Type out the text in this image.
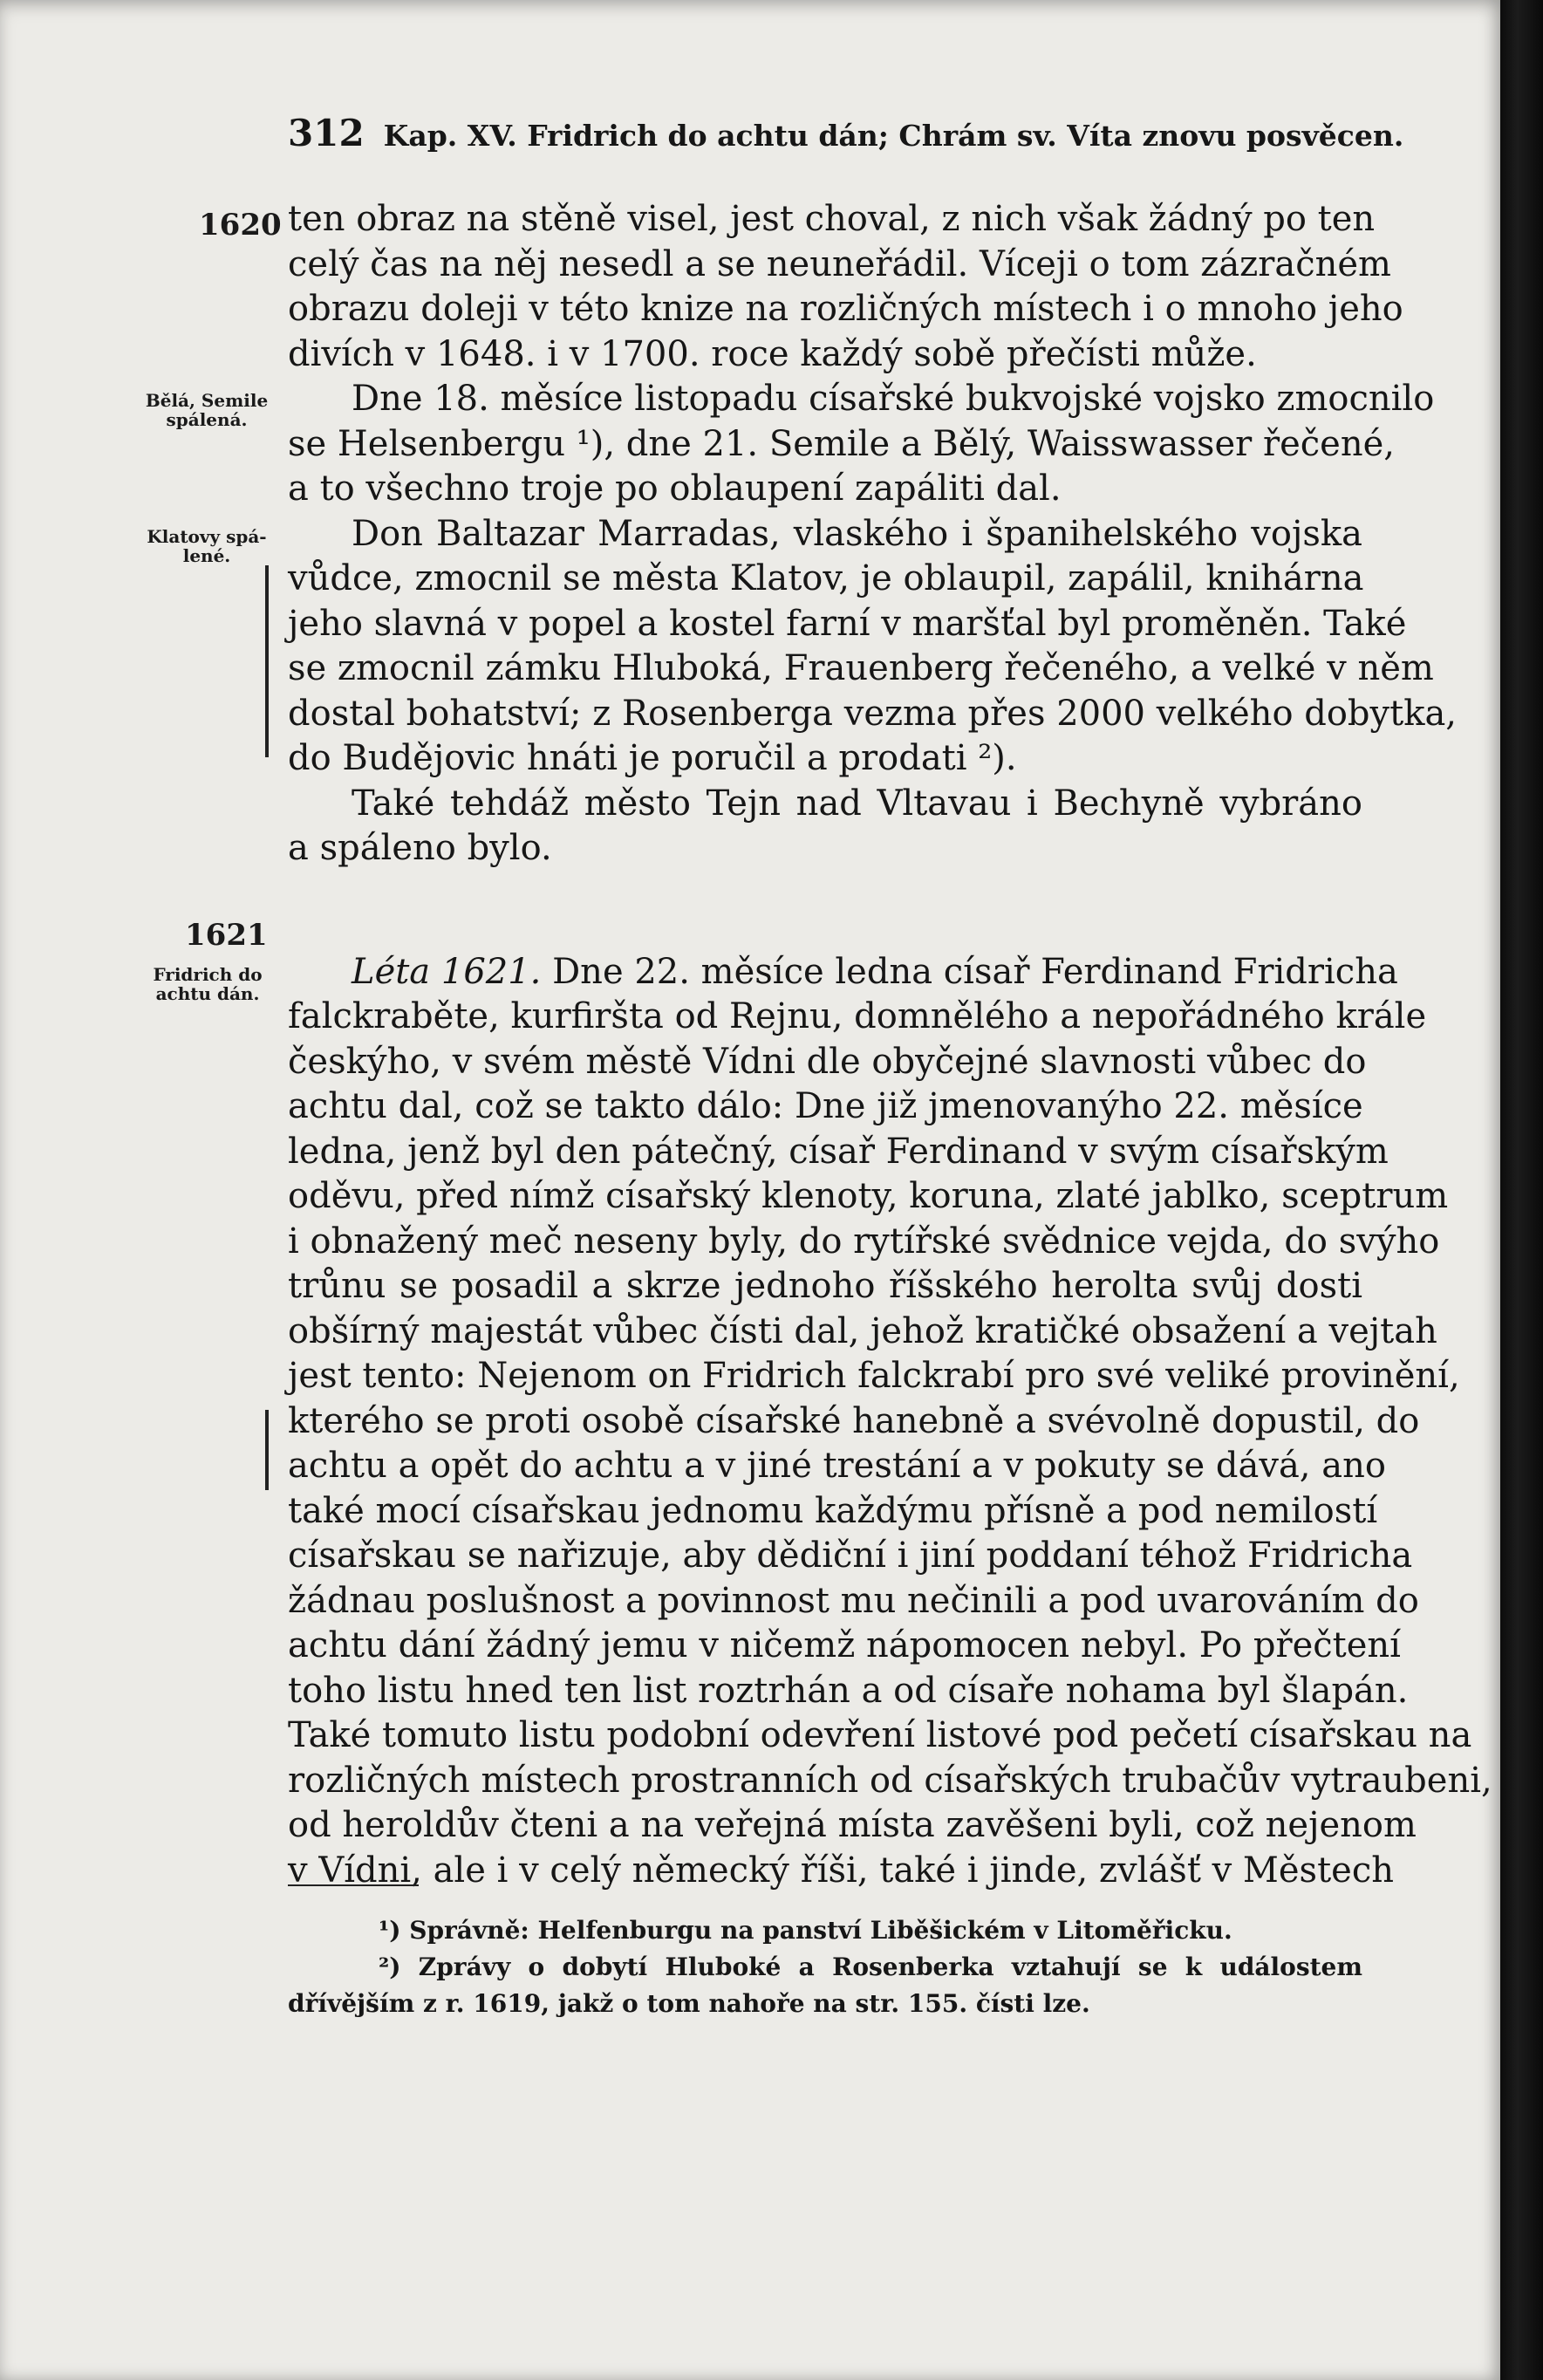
312 Kap. XV. Fridrich do achtu dán; Chrám sv. Víta znovu posvěcen.
1620
Bělá, Semile
spálená.
Klatovy spá-
lené.
1621
Fridrich do
achtu dán.
ten obraz na stěně visel, jest choval, z nich však žádný po ten
celý čas na něj nesedl a se neuneřádil. Víceji o tom zázračném
obrazu doleji v této knize na rozličných místech i o mnoho jeho
divích v 1648. i v 1700. roce každý sobě přečísti může.
Dne 18. měsíce listopadu císařské bukvojské vojsko zmocnilo
se Helsenbergu ¹), dne 21. Semile a Bělý, Waisswasser řečené,
a to všechno troje po oblaupení zapáliti dal.
Don Baltazar Marradas, vlaského i španihelského vojska
vůdce, zmocnil se města Klatov, je oblaupil, zapálil, knihárna
jeho slavná v popel a kostel farní v maršťal byl proměněn. Také
se zmocnil zámku Hluboká, Frauenberg řečeného, a velké v něm
dostal bohatství; z Rosenberga vezma přes 2000 velkého dobytka,
do Budějovic hnáti je poručil a prodati ²).
Také tehdáž město Tejn nad Vltavau i Bechyně vybráno
a spáleno bylo.
Léta 1621. Dne 22. měsíce ledna císař Ferdinand Fridricha
falckraběte, kurfiršta od Rejnu, domnělého a nepořádného krále
českýho, v svém městě Vídni dle obyčejné slavnosti vůbec do
achtu dal, což se takto dálo: Dne již jmenovanýho 22. měsíce
ledna, jenž byl den pátečný, císař Ferdinand v svým císařským
oděvu, před nímž císařský klenoty, koruna, zlaté jablko, sceptrum
i obnažený meč neseny byly, do rytířské svědnice vejda, do svýho
trůnu se posadil a skrze jednoho říšského herolta svůj dosti
obšírný majestát vůbec čísti dal, jehož kratičké obsažení a vejtah
jest tento: Nejenom on Fridrich falckrabí pro své veliké provinění,
kterého se proti osobě císařské hanebně a svévolně dopustil, do
achtu a opět do achtu a v jiné trestání a v pokuty se dává, ano
také mocí císařskau jednomu každýmu přísně a pod nemilostí
císařskau se nařizuje, aby dědiční i jiní poddaní téhož Fridricha
žádnau poslušnost a povinnost mu nečinili a pod uvarováním do
achtu dání žádný jemu v ničemž nápomocen nebyl. Po přečtení
toho listu hned ten list roztrhán a od císaře nohama byl šlapán.
Také tomuto listu podobní odevření listové pod pečetí císařskau na
rozličných místech prostranních od císařských trubačův vytraubeni,
od heroldův čteni a na veřejná místa zavěšeni byli, což nejenom
v Vídni, ale i v celý německý říši, také i jinde, zvlášť v Městech
¹) Správně: Helfenburgu na panství Liběšickém v Litoměřicku.
²) Zprávy o dobytí Hluboké a Rosenberka vztahují se k událostem
dřívějším z r. 1619, jakž o tom nahoře na str. 155. čísti lze.
